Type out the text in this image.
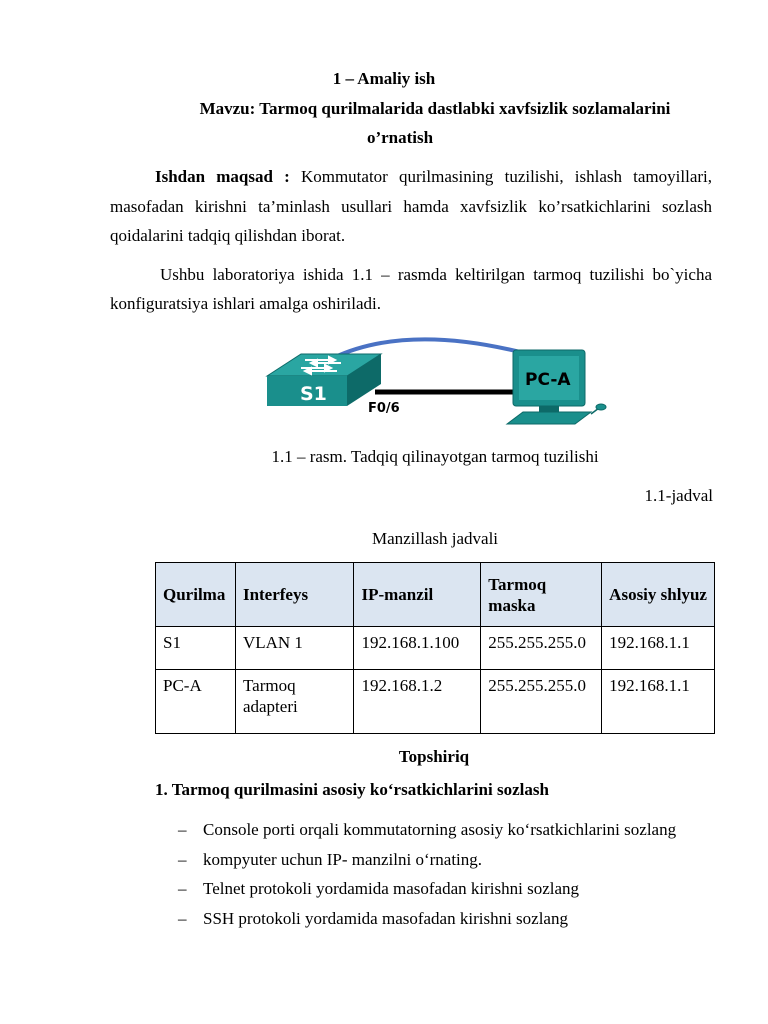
1 – Amaliy ish
Mavzu: Tarmoq qurilmalarida dastlabki xavfsizlik sozlamalarini
o’rnatish
Ishdan maqsad : Kommutator qurilmasining tuzilishi, ishlash tamoyillari,
masofadan kirishni ta’minlash usullari hamda xavfsizlik ko’rsatkichlarini sozlash
qoidalarini tadqiq qilishdan iborat.
Ushbu laboratoriya ishida 1.1 – rasmda keltirilgan tarmoq tuzilishi bo`yicha
konfiguratsiya ishlari amalga oshiriladi.
S1
F0/6
PC-A
1.1 – rasm. Tadqiq qilinayotgan tarmoq tuzilishi
1.1-jadval
Manzillash jadvali
Qurilma	Interfeys	IP-manzil	Tarmoq maska	Asosiy shlyuz
S1	VLAN 1	192.168.1.100	255.255.255.0	192.168.1.1
PC-A	Tarmoq adapteri	192.168.1.2	255.255.255.0	192.168.1.1
Topshiriq
1. Tarmoq qurilmasini asosiy ko‘rsatkichlarini sozlash
– Console porti orqali kommutatorning asosiy ko‘rsatkichlarini sozlang
– kompyuter uchun IP- manzilni o‘rnating.
– Telnet protokoli yordamida masofadan kirishni sozlang
– SSH protokoli yordamida masofadan kirishni sozlang
